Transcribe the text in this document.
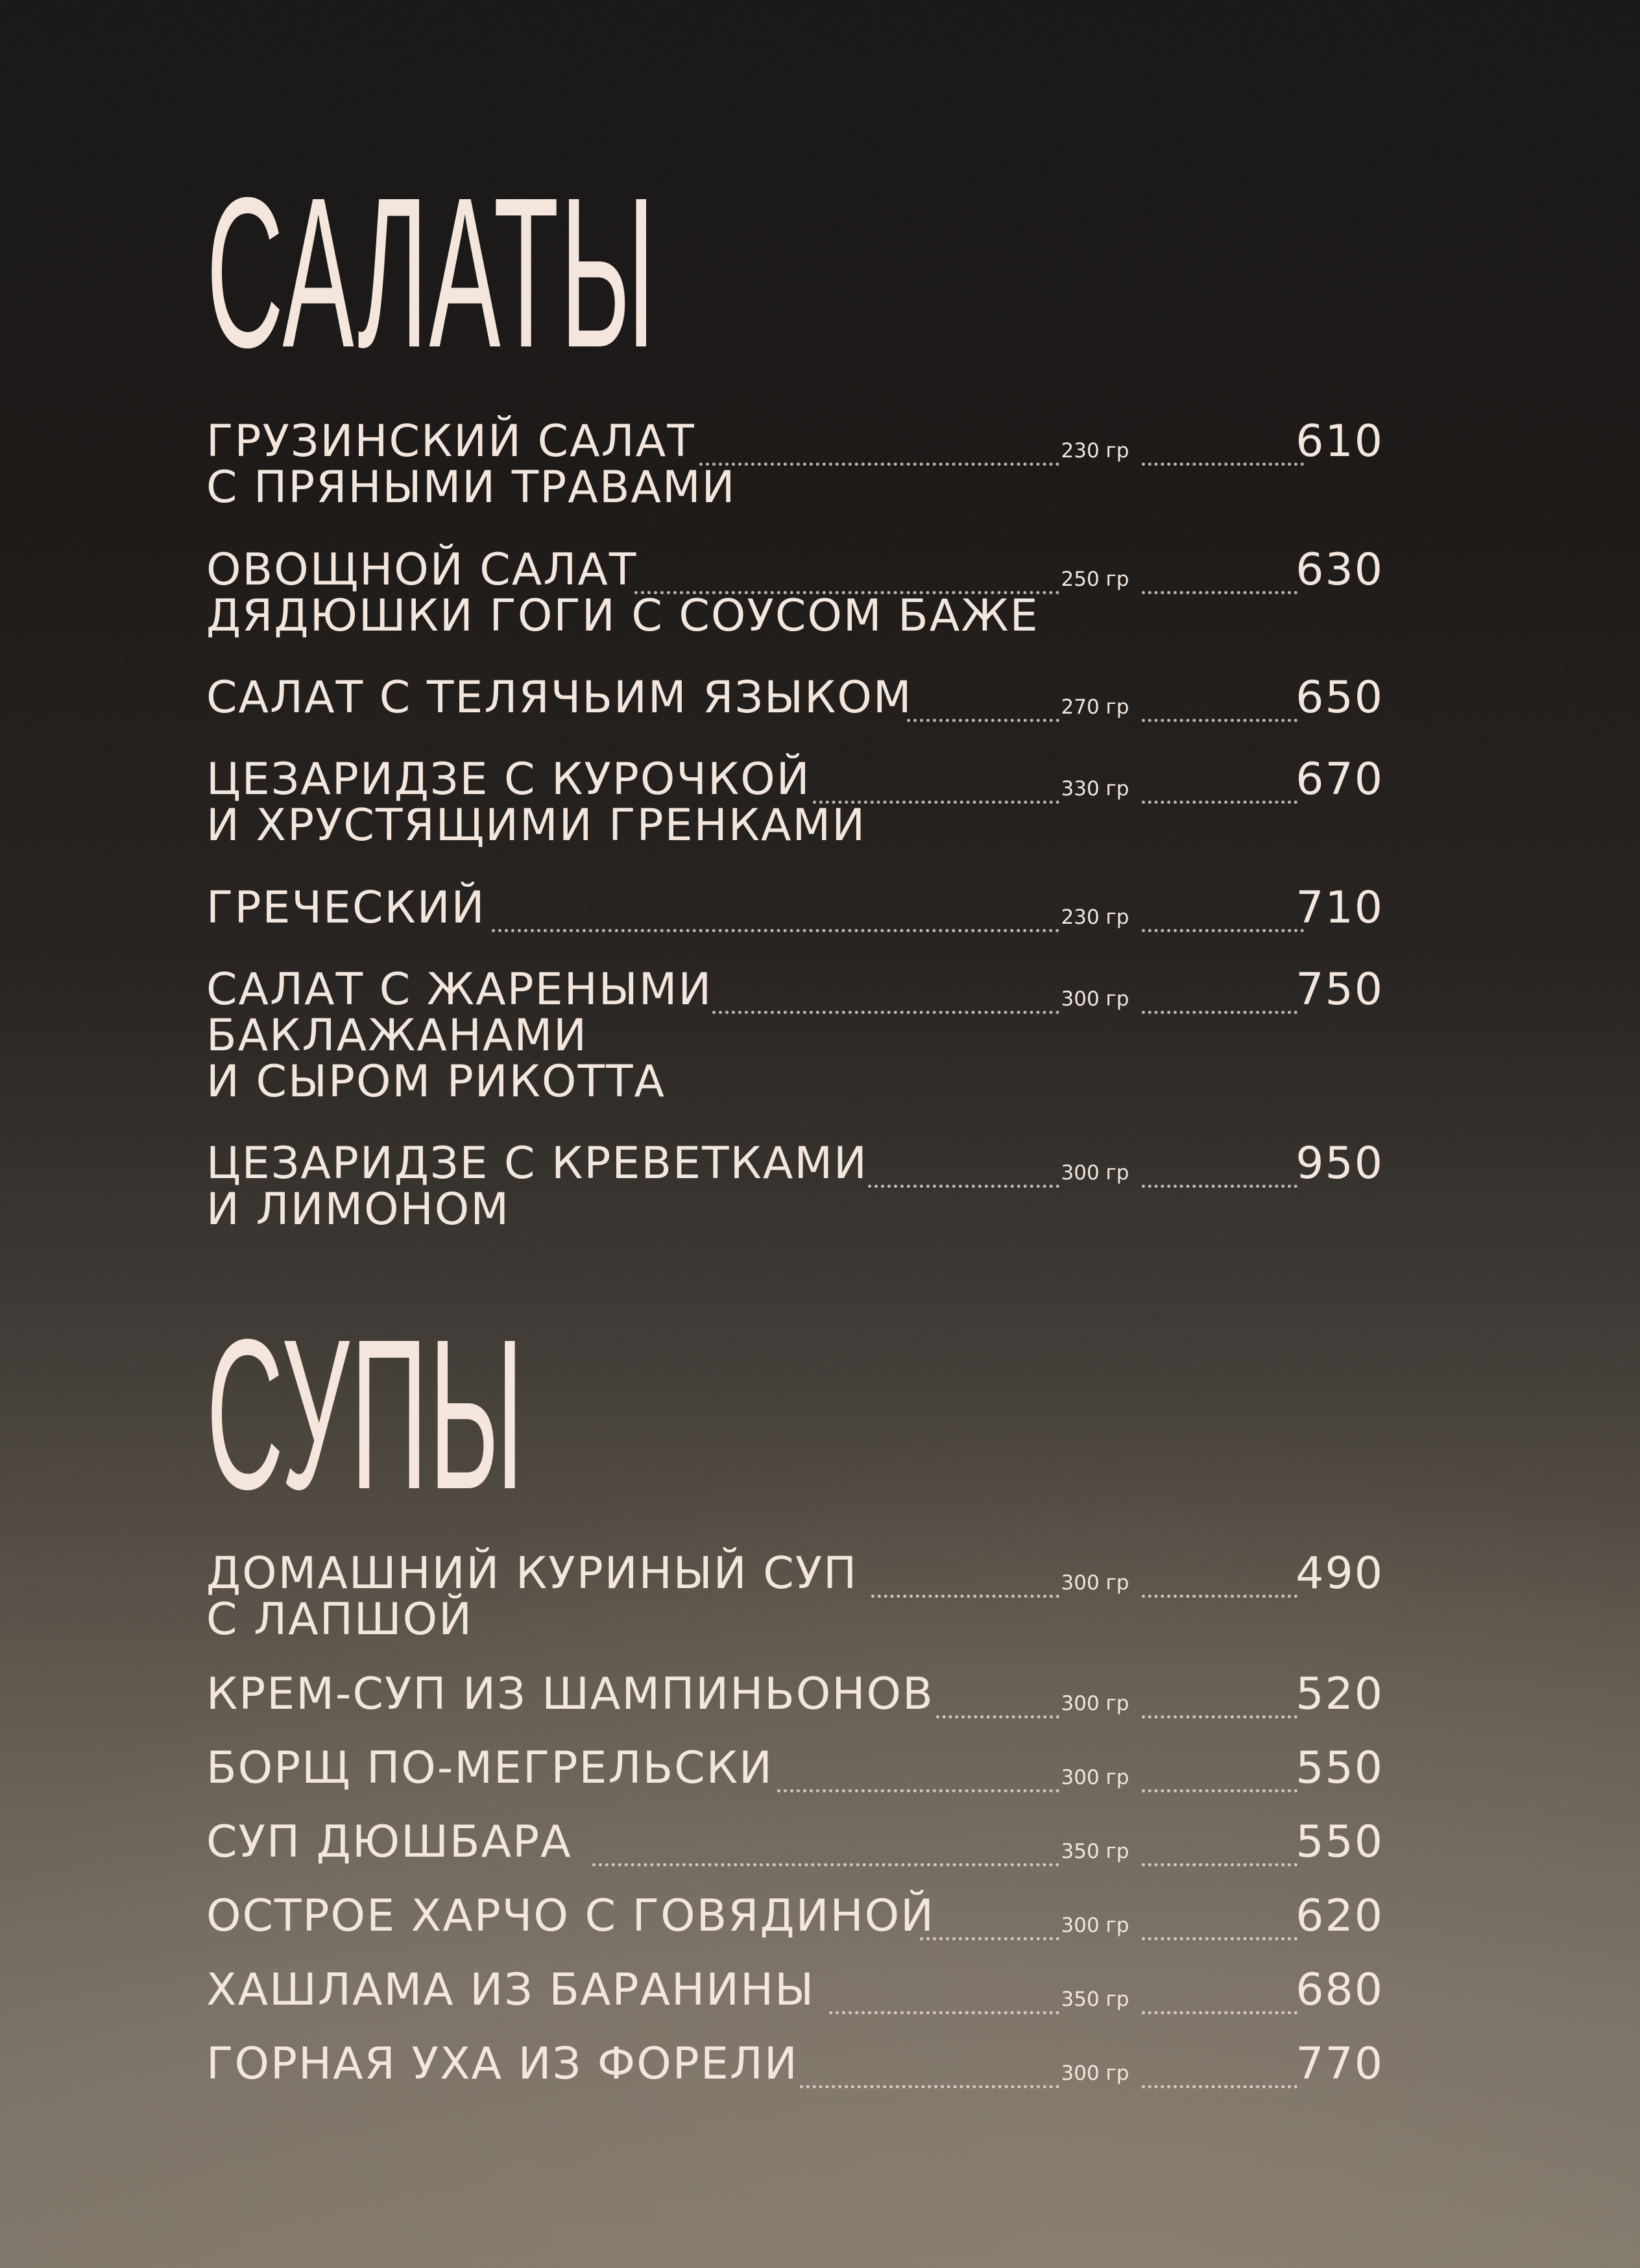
САЛАТЫ
ГРУЗИНСКИЙ САЛАТ
С ПРЯНЫМИ ТРАВАМИ
230 гр	610
ОВОЩНОЙ САЛАТ
ДЯДЮШКИ ГОГИ С СОУСОМ БАЖЕ
250 гр	630
САЛАТ С ТЕЛЯЧЬИМ ЯЗЫКОМ	270 гр	650
ЦЕЗАРИДЗЕ С КУРОЧКОЙ
И ХРУСТЯЩИМИ ГРЕНКАМИ
330 гр	670
ГРЕЧЕСКИЙ	230 гр	710
САЛАТ С ЖАРЕНЫМИ
БАКЛАЖАНАМИ
И СЫРОМ РИКОТТА
300 гр	750
ЦЕЗАРИДЗЕ С КРЕВЕТКАМИ
И ЛИМОНОМ
300 гр	950
СУПЫ
ДОМАШНИЙ КУРИНЫЙ СУП
С ЛАПШОЙ
300 гр	490
КРЕМ-СУП ИЗ ШАМПИНЬОНОВ	300 гр	520
БОРЩ ПО-МЕГРЕЛЬСКИ	300 гр	550
СУП ДЮШБАРА	350 гр	550
ОСТРОЕ ХАРЧО С ГОВЯДИНОЙ	300 гр	620
ХАШЛАМА ИЗ БАРАНИНЫ	350 гр	680
ГОРНАЯ УХА ИЗ ФОРЕЛИ	300 гр	770
